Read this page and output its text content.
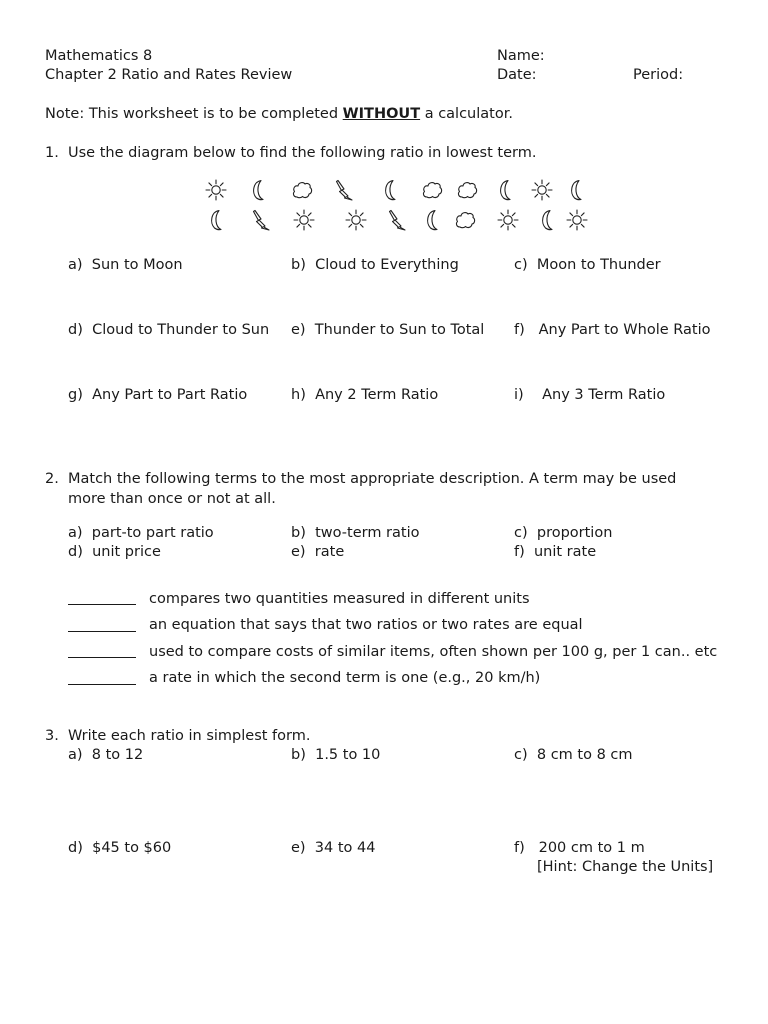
Mathematics 8
Chapter 2 Ratio and Rates Review
Name:
Date:	Period:
Note: This worksheet is to be completed WITHOUT a calculator.
1. Use the diagram below to find the following ratio in lowest term.
a) Sun to Moon	b) Cloud to Everything	c) Moon to Thunder
d) Cloud to Thunder to Sun e) Thunder to Sun to Total f) Any Part to Whole Ratio
g) Any Part to Part Ratio	h) Any 2 Term Ratio	i) Any 3 Term Ratio
2. Match the following terms to the most appropriate description. A term may be used
more than once or not at all.
a) part-to part ratio	b) two-term ratio	c) proportion
d) unit price	e) rate	f) unit rate
compares two quantities measured in different units
an equation that says that two ratios or two rates are equal
used to compare costs of similar items, often shown per 100 g, per 1 can.. etc
a rate in which the second term is one (e.g., 20 km/h)
3. Write each ratio in simplest form.
a) 8 to 12	b) 1.5 to 10	c) 8 cm to 8 cm
d) $45 to $60	e) 34 to 44	f) 200 cm to 1 m
[Hint: Change the Units]
